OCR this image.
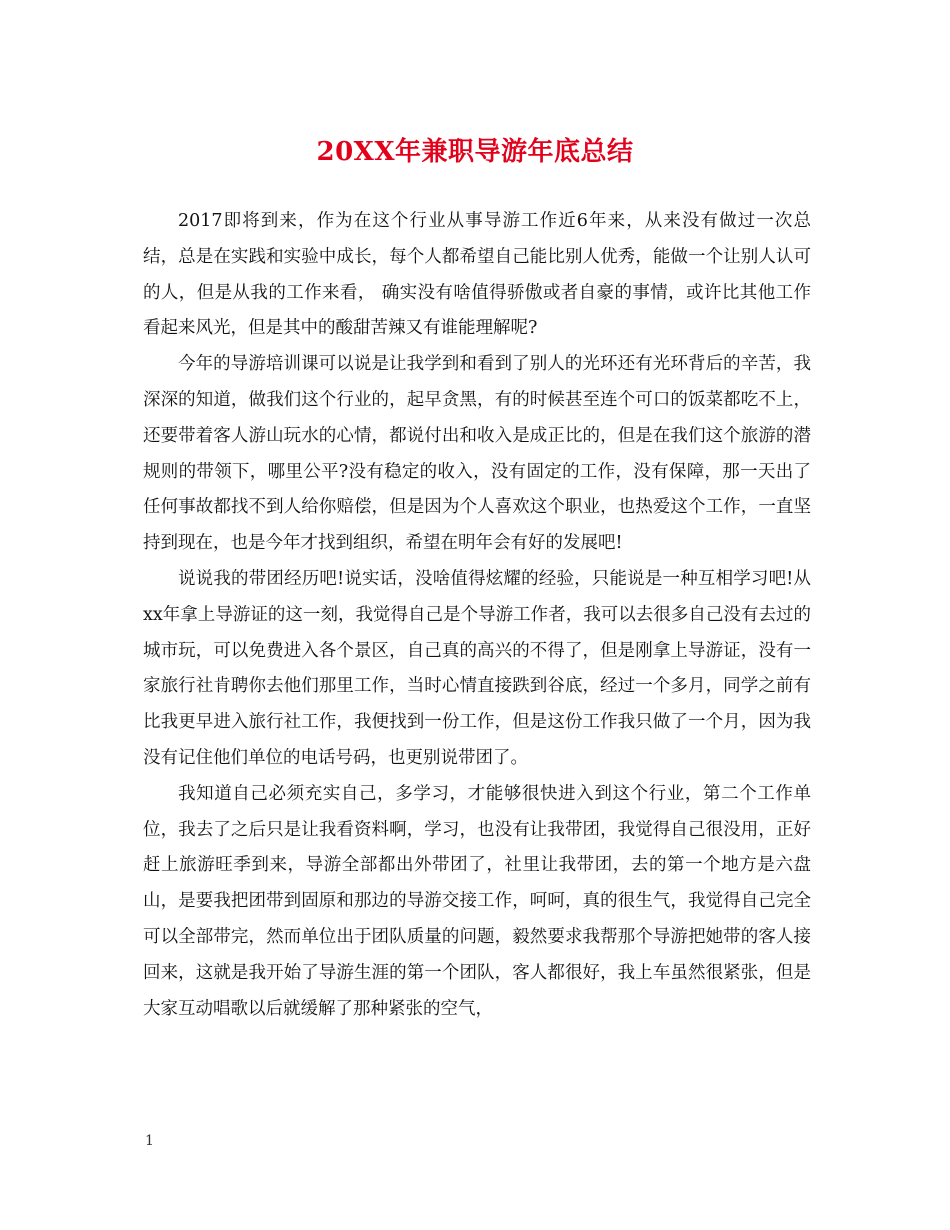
20XX年兼职导游年底总结

2017即将到来，作为在这个行业从事导游工作近6年来，从来没有做过一次总结，总是在实践和实验中成长，每个人都希望自己能比别人优秀，能做一个让别人认可的人，但是从我的工作来看， 确实没有啥值得骄傲或者自豪的事情，或许比其他工作看起来风光，但是其中的酸甜苦辣又有谁能理解呢?

今年的导游培训课可以说是让我学到和看到了别人的光环还有光环背后的辛苦，我深深的知道，做我们这个行业的，起早贪黑，有的时候甚至连个可口的饭菜都吃不上，还要带着客人游山玩水的心情，都说付出和收入是成正比的，但是在我们这个旅游的潜规则的带领下，哪里公平?没有稳定的收入，没有固定的工作，没有保障，那一天出了任何事故都找不到人给你赔偿，但是因为个人喜欢这个职业，也热爱这个工作，一直坚持到现在，也是今年才找到组织，希望在明年会有好的发展吧!

说说我的带团经历吧!说实话，没啥值得炫耀的经验，只能说是一种互相学习吧!从xx年拿上导游证的这一刻，我觉得自己是个导游工作者，我可以去很多自己没有去过的城市玩，可以免费进入各个景区，自己真的高兴的不得了，但是刚拿上导游证，没有一家旅行社肯聘你去他们那里工作，当时心情直接跌到谷底，经过一个多月，同学之前有比我更早进入旅行社工作，我便找到一份工作，但是这份工作我只做了一个月，因为我没有记住他们单位的电话号码，也更别说带团了。

我知道自己必须充实自己，多学习，才能够很快进入到这个行业，第二个工作单位，我去了之后只是让我看资料啊，学习，也没有让我带团，我觉得自己很没用，正好赶上旅游旺季到来，导游全部都出外带团了，社里让我带团，去的第一个地方是六盘山，是要我把团带到固原和那边的导游交接工作，呵呵，真的很生气，我觉得自己完全可以全部带完，然而单位出于团队质量的问题，毅然要求我帮那个导游把她带的客人接回来，这就是我开始了导游生涯的第一个团队，客人都很好，我上车虽然很紧张，但是大家互动唱歌以后就缓解了那种紧张的空气，

1
